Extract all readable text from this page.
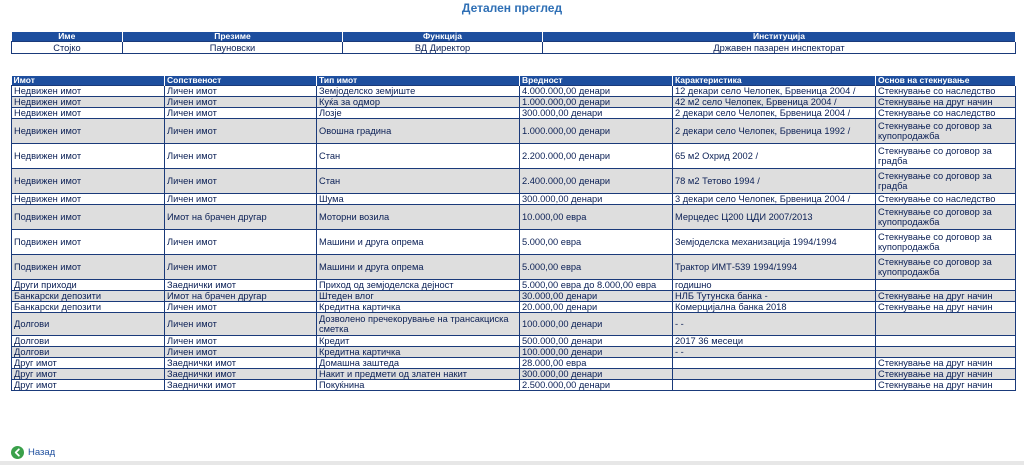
Детален преглед
Име	Презиме	Функција	Институција
Стојко	Пауновски	ВД Директор	Државен пазарен инспекторат
Имот	Сопственост	Тип имот	Вредност	Карактеристика	Основ на стекнување
Недвижен имот	Личен имот	Земјоделско земјиште	4.000.000,00 денари	12 декари село Челопек, Брвеница 2004 /	Стекнување со наследство
Недвижен имот	Личен имот	Куќа за одмор	1.000.000,00 денари	42 м2 село Челопек, Брвеница 2004 /	Стекнување на друг начин
Недвижен имот	Личен имот	Лозје	300.000,00 денари	2 декари село Челопек, Брвеница 2004 /	Стекнување со наследство
Недвижен имот	Личен имот	Овошна градина	1.000.000,00 денари	2 декари село Челопек, Брвеница 1992 /	Стекнување со договор за купопродажба
Недвижен имот	Личен имот	Стан	2.200.000,00 денари	65 м2 Охрид 2002 /	Стекнување со договор за градба
Недвижен имот	Личен имот	Стан	2.400.000,00 денари	78 м2 Тетово 1994 /	Стекнување со договор за градба
Недвижен имот	Личен имот	Шума	300.000,00 денари	3 декари село Челопек, Брвеница 2004 /	Стекнување со наследство
Подвижен имот	Имот на брачен другар	Моторни возила	10.000,00 евра	Мерцедес Ц200 ЦДИ 2007/2013	Стекнување со договор за купопродажба
Подвижен имот	Личен имот	Машини и друга опрема	5.000,00 евра	Земјоделска механизација 1994/1994	Стекнување со договор за купопродажба
Подвижен имот	Личен имот	Машини и друга опрема	5.000,00 евра	Трактор ИМТ-539 1994/1994	Стекнување со договор за купопродажба
Други приходи	Заеднички имот	Приход од земјоделска дејност	5.000,00 евра до 8.000,00 евра	годишно	
Банкарски депозити	Имот на брачен другар	Штеден влог	30.000,00 денари	НЛБ Тутунска банка -	Стекнување на друг начин
Банкарски депозити	Личен имот	Кредитна картичка	20.000,00 денари	Комерцијална банка 2018	Стекнување на друг начин
Долгови	Личен имот	Дозволено пречекорување на трансакциска сметка	100.000,00 денари	- -	
Долгови	Личен имот	Кредит	500.000,00 денари	2017 36 месеци	
Долгови	Личен имот	Кредитна картичка	100.000,00 денари	- -	
Друг имот	Заеднички имот	Домашна заштеда	28.000,00 евра		Стекнување на друг начин
Друг имот	Заеднички имот	Накит и предмети од златен накит	300.000,00 денари		Стекнување на друг начин
Друг имот	Заеднички имот	Покуќнина	2.500.000,00 денари		Стекнување на друг начин
Назад
